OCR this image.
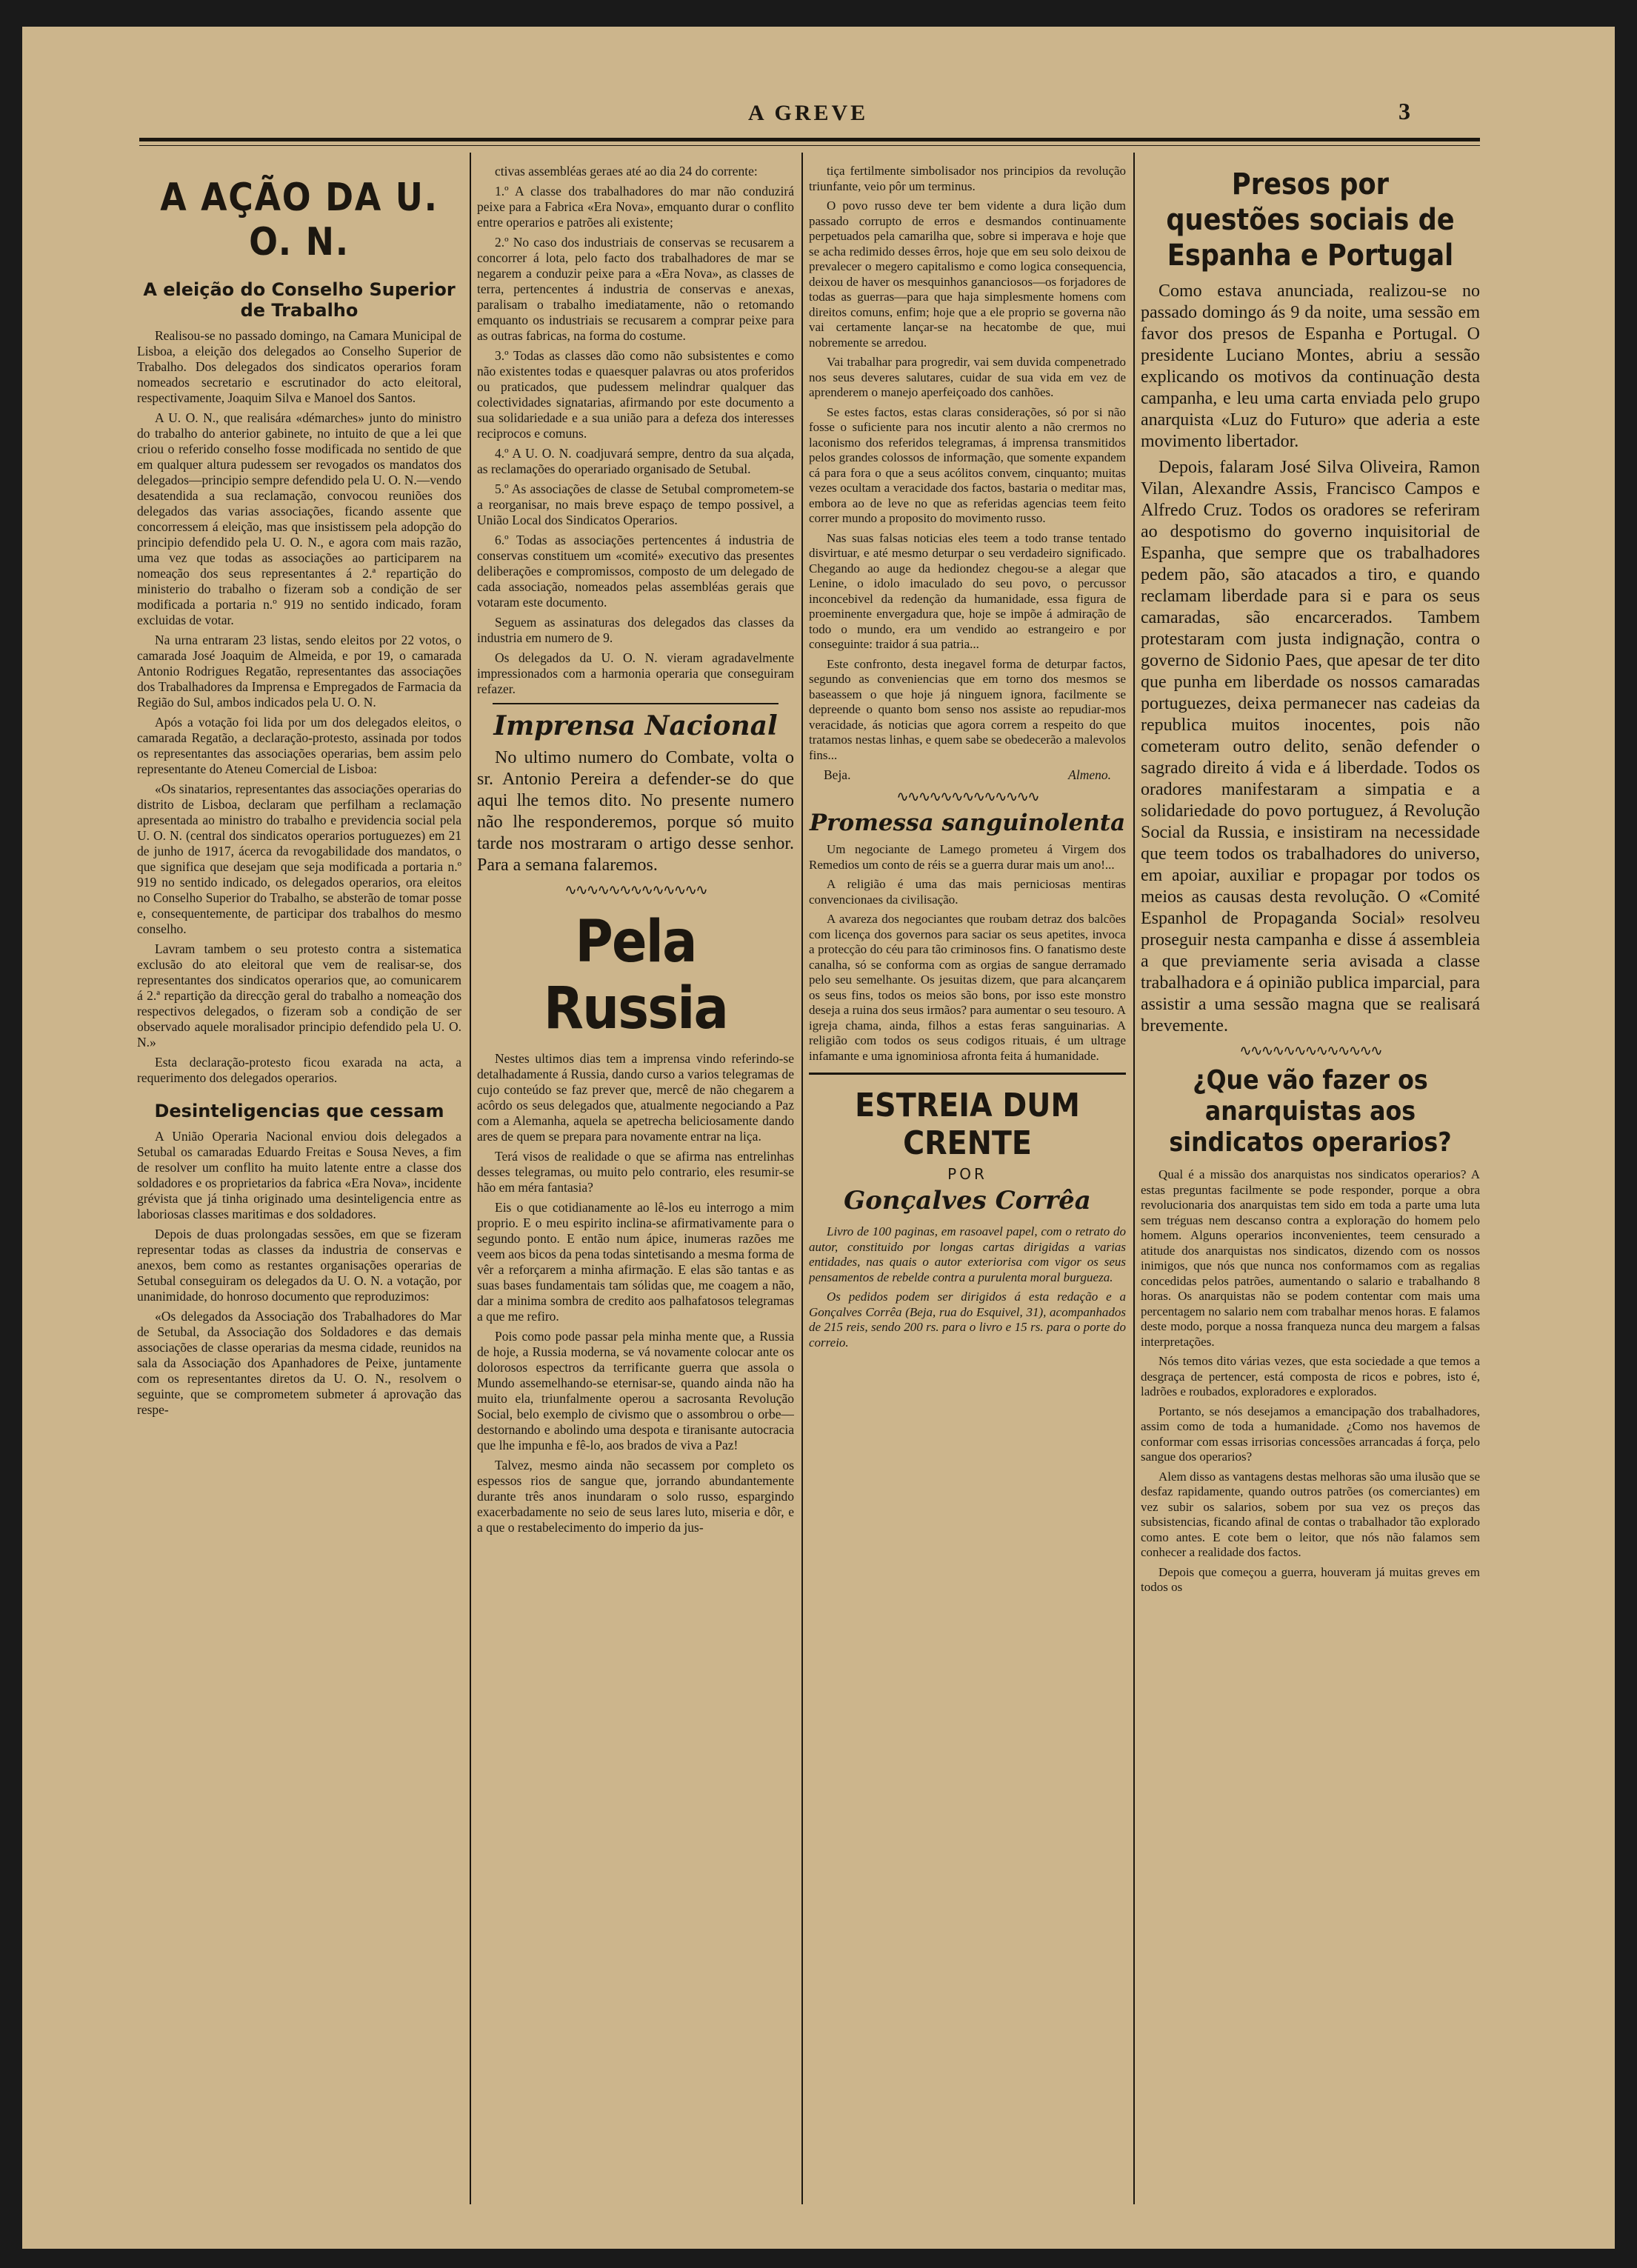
A GREVE	3
A AÇÃO DA U. O. N.
A eleição do Conselho Superior de Trabalho

Realisou-se no passado domingo, na Camara Municipal de Lisboa, a eleição dos delegados ao Conselho Superior de Trabalho. Dos delegados dos sindicatos operarios foram nomeados secretario e escrutinador do acto eleitoral, respectivamente, Joaquim Silva e Manoel dos Santos.

A U. O. N., que realisára «démarches» junto do ministro do trabalho do anterior gabinete, no intuito de que a lei que criou o referido conselho fosse modificada no sentido de que em qualquer altura pudessem ser revogados os mandatos dos delegados—principio sempre defendido pela U. O. N.—vendo desatendida a sua reclamação, convocou reuniões dos delegados das varias associações, ficando assente que concorressem á eleição, mas que insistissem pela adopção do principio defendido pela U. O. N., e agora com mais razão, uma vez que todas as associações ao participarem na nomeação dos seus representantes á 2.ª repartição do ministerio do trabalho o fizeram sob a condição de ser modificada a portaria n.º 919 no sentido indicado, foram excluidas de votar.

Na urna entraram 23 listas, sendo eleitos por 22 votos, o camarada José Joaquim de Almeida, e por 19, o camarada Antonio Rodrigues Regatão, representantes das associações dos Trabalhadores da Imprensa e Empregados de Farmacia da Região do Sul, ambos indicados pela U. O. N.

Após a votação foi lida por um dos delegados eleitos, o camarada Regatão, a declaração-protesto, assinada por todos os representantes das associações operarias, bem assim pelo representante do Ateneu Comercial de Lisboa:

«Os sinatarios, representantes das associações operarias do distrito de Lisboa, declaram que perfilham a reclamação apresentada ao ministro do trabalho e previdencia social pela U. O. N. (central dos sindicatos operarios portuguezes) em 21 de junho de 1917, ácerca da revogabilidade dos mandatos, o que significa que desejam que seja modificada a portaria n.º 919 no sentido indicado, os delegados operarios, ora eleitos no Conselho Superior do Trabalho, se absterão de tomar posse e, consequentemente, de participar dos trabalhos do mesmo conselho.

Lavram tambem o seu protesto contra a sistematica exclusão do ato eleitoral que vem de realisar-se, dos representantes dos sindicatos operarios que, ao comunicarem á 2.ª repartição da direcção geral do trabalho a nomeação dos respectivos delegados, o fizeram sob a condição de ser observado aquele moralisador principio defendido pela U. O. N.»

Esta declaração-protesto ficou exarada na acta, a requerimento dos delegados operarios.

Desinteligencias que cessam

A União Operaria Nacional enviou dois delegados a Setubal os camaradas Eduardo Freitas e Sousa Neves, a fim de resolver um conflito ha muito latente entre a classe dos soldadores e os proprietarios da fabrica «Era Nova», incidente grévista que já tinha originado uma desinteligencia entre as laboriosas classes maritimas e dos soldadores.

Depois de duas prolongadas sessões, em que se fizeram representar todas as classes da industria de conservas e anexos, bem como as restantes organisações operarias de Setubal conseguiram os delegados da U. O. N. a votação, por unanimidade, do honroso documento que reproduzimos:

«Os delegados da Associação dos Trabalhadores do Mar de Setubal, da Associação dos Soldadores e das demais associações de classe operarias da mesma cidade, reunidos na sala da Associação dos Apanhadores de Peixe, juntamente com os representantes diretos da U. O. N., resolvem o seguinte, que se comprometem submeter á aprovação das respe-

ctivas assembléas geraes até ao dia 24 do corrente:

1.º A classe dos trabalhadores do mar não conduzirá peixe para a Fabrica «Era Nova», emquanto durar o conflito entre operarios e patrões ali existente;

2.º No caso dos industriais de conservas se recusarem a concorrer á lota, pelo facto dos trabalhadores de mar se negarem a conduzir peixe para a «Era Nova», as classes de terra, pertencentes á industria de conservas e anexas, paralisam o trabalho imediatamente, não o retomando emquanto os industriais se recusarem a comprar peixe para as outras fabricas, na forma do costume.

3.º Todas as classes dão como não subsistentes e como não existentes todas e quaesquer palavras ou atos proferidos ou praticados, que pudessem melindrar qualquer das colectividades signatarias, afirmando por este documento a sua solidariedade e a sua união para a defeza dos interesses reciprocos e comuns.

4.º A U. O. N. coadjuvará sempre, dentro da sua alçada, as reclamações do operariado organisado de Setubal.

5.º As associações de classe de Setubal comprometem-se a reorganisar, no mais breve espaço de tempo possivel, a União Local dos Sindicatos Operarios.

6.º Todas as associações pertencentes á industria de conservas constituem um «comité» executivo das presentes deliberações e compromissos, composto de um delegado de cada associação, nomeados pelas assembléas gerais que votaram este documento.

Seguem as assinaturas dos delegados das classes da industria em numero de 9.

Os delegados da U. O. N. vieram agradavelmente impressionados com a harmonia operaria que conseguiram refazer.

Imprensa Nacional

No ultimo numero do Combate, volta o sr. Antonio Pereira a defender-se do que aqui lhe temos dito. No presente numero não lhe responderemos, porque só muito tarde nos mostraram o artigo desse senhor. Para a semana falaremos.

∿∿∿∿∿∿∿∿∿∿∿∿∿
Pela Russia

Nestes ultimos dias tem a imprensa vindo referindo-se detalhadamente á Russia, dando curso a varios telegramas de cujo conteúdo se faz prever que, mercê de não chegarem a acôrdo os seus delegados que, atualmente negociando a Paz com a Alemanha, aquela se apetrecha beliciosamente dando ares de quem se prepara para novamente entrar na liça.

Terá visos de realidade o que se afirma nas entrelinhas desses telegramas, ou muito pelo contrario, eles resumir-se hão em méra fantasia?

Eis o que cotidianamente ao lê-los eu interrogo a mim proprio. E o meu espirito inclina-se afirmativamente para o segundo ponto. E então num ápice, inumeras razões me veem aos bicos da pena todas sintetisando a mesma forma de vêr a reforçarem a minha afirmação. E elas são tantas e as suas bases fundamentais tam sólidas que, me coagem a não, dar a minima sombra de credito aos palhafatosos telegramas a que me refiro.

Pois como pode passar pela minha mente que, a Russia de hoje, a Russia moderna, se vá novamente colocar ante os dolorosos espectros da terrificante guerra que assola o Mundo assemelhando-se eternisar-se, quando ainda não ha muito ela, triunfalmente operou a sacrosanta Revolução Social, belo exemplo de civismo que o assombrou o orbe—destornando e abolindo uma despota e tiranisante autocracia que lhe impunha e fê-lo, aos brados de viva a Paz!

Talvez, mesmo ainda não secassem por completo os espessos rios de sangue que, jorrando abundantemente durante três anos inundaram o solo russo, espargindo exacerbadamente no seio de seus lares luto, miseria e dôr, e a que o restabelecimento do imperio da jus-

tiça fertilmente simbolisador nos principios da revolução triunfante, veio pôr um terminus.

O povo russo deve ter bem vidente a dura lição dum passado corrupto de erros e desmandos continuamente perpetuados pela camarilha que, sobre si imperava e hoje que se acha redimido desses êrros, hoje que em seu solo deixou de prevalecer o megero capitalismo e como logica consequencia, deixou de haver os mesquinhos gananciosos—os forjadores de todas as guerras—para que haja simplesmente homens com direitos comuns, enfim; hoje que a ele proprio se governa não vai certamente lançar-se na hecatombe de que, mui nobremente se arredou.

Vai trabalhar para progredir, vai sem duvida compenetrado nos seus deveres salutares, cuidar de sua vida em vez de aprenderem o manejo aperfeiçoado dos canhões.

Se estes factos, estas claras considerações, só por si não fosse o suficiente para nos incutir alento a não crermos no laconismo dos referidos telegramas, á imprensa transmitidos pelos grandes colossos de informação, que somente expandem cá para fora o que a seus acólitos convem, cinquanto; muitas vezes ocultam a veracidade dos factos, bastaria o meditar mas, embora ao de leve no que as referidas agencias teem feito correr mundo a proposito do movimento russo.

Nas suas falsas noticias eles teem a todo transe tentado disvirtuar, e até mesmo deturpar o seu verdadeiro significado. Chegando ao auge da hediondez chegou-se a alegar que Lenine, o idolo imaculado do seu povo, o percussor inconcebivel da redenção da humanidade, essa figura de proeminente envergadura que, hoje se impõe á admiração de todo o mundo, era um vendido ao estrangeiro e por conseguinte: traidor á sua patria...

Este confronto, desta inegavel forma de deturpar factos, segundo as conveniencias que em torno dos mesmos se baseassem o que hoje já ninguem ignora, facilmente se depreende o quanto bom senso nos assiste ao repudiar-mos veracidade, ás noticias que agora correm a respeito do que tratamos nestas linhas, e quem sabe se obedecerão a malevolos fins...

Beja.	Almeno.
∿∿∿∿∿∿∿∿∿∿∿∿∿
Promessa sanguinolenta

Um negociante de Lamego prometeu á Virgem dos Remedios um conto de réis se a guerra durar mais um ano!...

A religião é uma das mais perniciosas mentiras convencionaes da civilisação.

A avareza dos negociantes que roubam detraz dos balcões com licença dos governos para saciar os seus apetites, invoca a protecção do céu para tão criminosos fins. O fanatismo deste canalha, só se conforma com as orgias de sangue derramado pelo seu semelhante. Os jesuitas dizem, que para alcançarem os seus fins, todos os meios são bons, por isso este monstro deseja a ruina dos seus irmãos? para aumentar o seu tesouro. A igreja chama, ainda, filhos a estas feras sanguinarias. A religião com todos os seus codigos rituais, é um ultrage infamante e uma ignominiosa afronta feita á humanidade.

ESTREIA DUM CRENTE
POR
Gonçalves Corrêa

Livro de 100 paginas, em rasoavel papel, com o retrato do autor, constituido por longas cartas dirigidas a varias entidades, nas quais o autor exteriorisa com vigor os seus pensamentos de rebelde contra a purulenta moral burgueza.

Os pedidos podem ser dirigidos á esta redação e a Gonçalves Corrêa (Beja, rua do Esquivel, 31), acompanhados de 215 reis, sendo 200 rs. para o livro e 15 rs. para o porte do correio.

Presos por questões sociais de Espanha e Portugal

Como estava anunciada, realizou-se no passado domingo ás 9 da noite, uma sessão em favor dos presos de Espanha e Portugal. O presidente Luciano Montes, abriu a sessão explicando os motivos da continuação desta campanha, e leu uma carta enviada pelo grupo anarquista «Luz do Futuro» que aderia a este movimento libertador.

Depois, falaram José Silva Oliveira, Ramon Vilan, Alexandre Assis, Francisco Campos e Alfredo Cruz. Todos os oradores se referiram ao despotismo do governo inquisitorial de Espanha, que sempre que os trabalhadores pedem pão, são atacados a tiro, e quando reclamam liberdade para si e para os seus camaradas, são encarcerados. Tambem protestaram com justa indignação, contra o governo de Sidonio Paes, que apesar de ter dito que punha em liberdade os nossos camaradas portuguezes, deixa permanecer nas cadeias da republica muitos inocentes, pois não cometeram outro delito, senão defender o sagrado direito á vida e á liberdade. Todos os oradores manifestaram a simpatia e a solidariedade do povo portuguez, á Revolução Social da Russia, e insistiram na necessidade que teem todos os trabalhadores do universo, em apoiar, auxiliar e propagar por todos os meios as causas desta revolução. O «Comité Espanhol de Propaganda Social» resolveu proseguir nesta campanha e disse á assembleia a que previamente seria avisada a classe trabalhadora e á opinião publica imparcial, para assistir a uma sessão magna que se realisará brevemente.

∿∿∿∿∿∿∿∿∿∿∿∿∿
¿Que vão fazer os anarquistas aos sindicatos operarios?

Qual é a missão dos anarquistas nos sindicatos operarios? A estas preguntas facilmente se pode responder, porque a obra revolucionaria dos anarquistas tem sido em toda a parte uma luta sem tréguas nem descanso contra a exploração do homem pelo homem. Alguns operarios inconvenientes, teem censurado a atitude dos anarquistas nos sindicatos, dizendo com os nossos inimigos, que nós que nunca nos conformamos com as regalias concedidas pelos patrões, aumentando o salario e trabalhando 8 horas. Os anarquistas não se podem contentar com mais uma percentagem no salario nem com trabalhar menos horas. E falamos deste modo, porque a nossa franqueza nunca deu margem a falsas interpretações.

Nós temos dito várias vezes, que esta sociedade a que temos a desgraça de pertencer, está composta de ricos e pobres, isto é, ladrões e roubados, exploradores e explorados.

Portanto, se nós desejamos a emancipação dos trabalhadores, assim como de toda a humanidade. ¿Como nos havemos de conformar com essas irrisorias concessões arrancadas á força, pelo sangue dos operarios?

Alem disso as vantagens destas melhoras são uma ilusão que se desfaz rapidamente, quando outros patrões (os comerciantes) em vez subir os salarios, sobem por sua vez os preços das subsistencias, ficando afinal de contas o trabalhador tão explorado como antes. E cote bem o leitor, que nós não falamos sem conhecer a realidade dos factos.

Depois que começou a guerra, houveram já muitas greves em todos os
